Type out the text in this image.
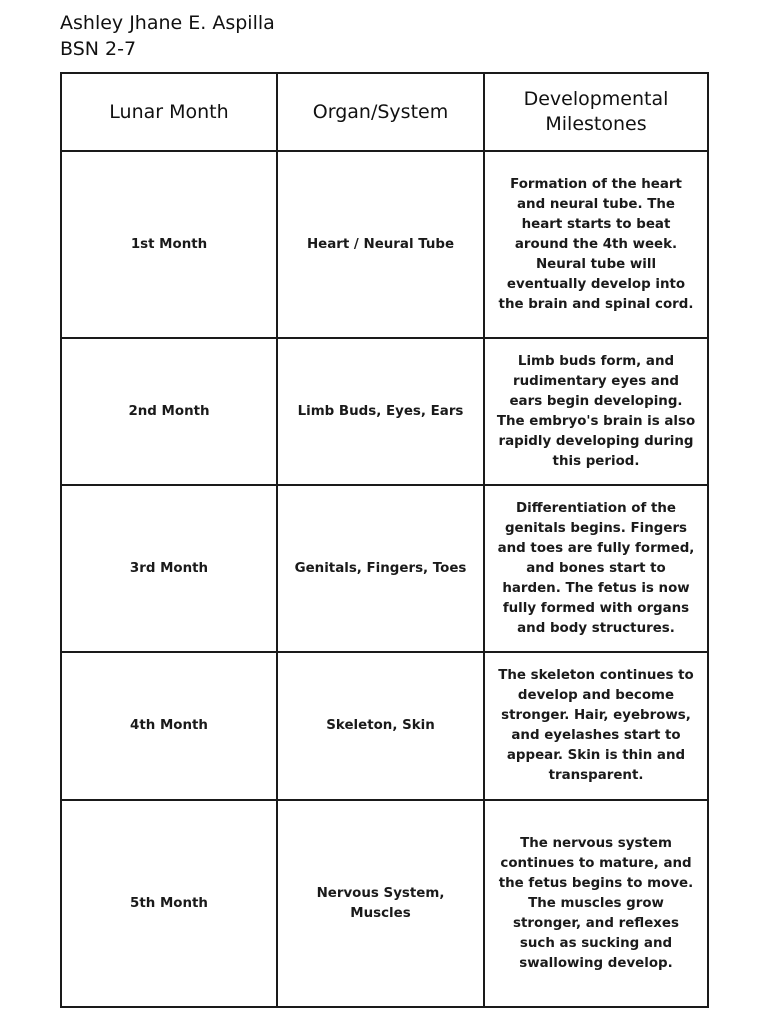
Ashley Jhane E. Aspilla
BSN 2-7
Lunar Month	Organ/System	Developmental Milestones

1st Month	Heart / Neural Tube	Formation of the heart and neural tube. The heart starts to beat around the 4th week. Neural tube will eventually develop into the brain and spinal cord.

2nd Month	Limb Buds, Eyes, Ears	Limb buds form, and rudimentary eyes and ears begin developing. The embryo's brain is also rapidly developing during this period.

3rd Month	Genitals, Fingers, Toes	Differentiation of the genitals begins. Fingers and toes are fully formed, and bones start to harden. The fetus is now fully formed with organs and body structures.

4th Month	Skeleton, Skin	The skeleton continues to develop and become stronger. Hair, eyebrows, and eyelashes start to appear. Skin is thin and transparent.

5th Month	Nervous System, Muscles	The nervous system continues to mature, and the fetus begins to move. The muscles grow stronger, and reflexes such as sucking and swallowing develop.
